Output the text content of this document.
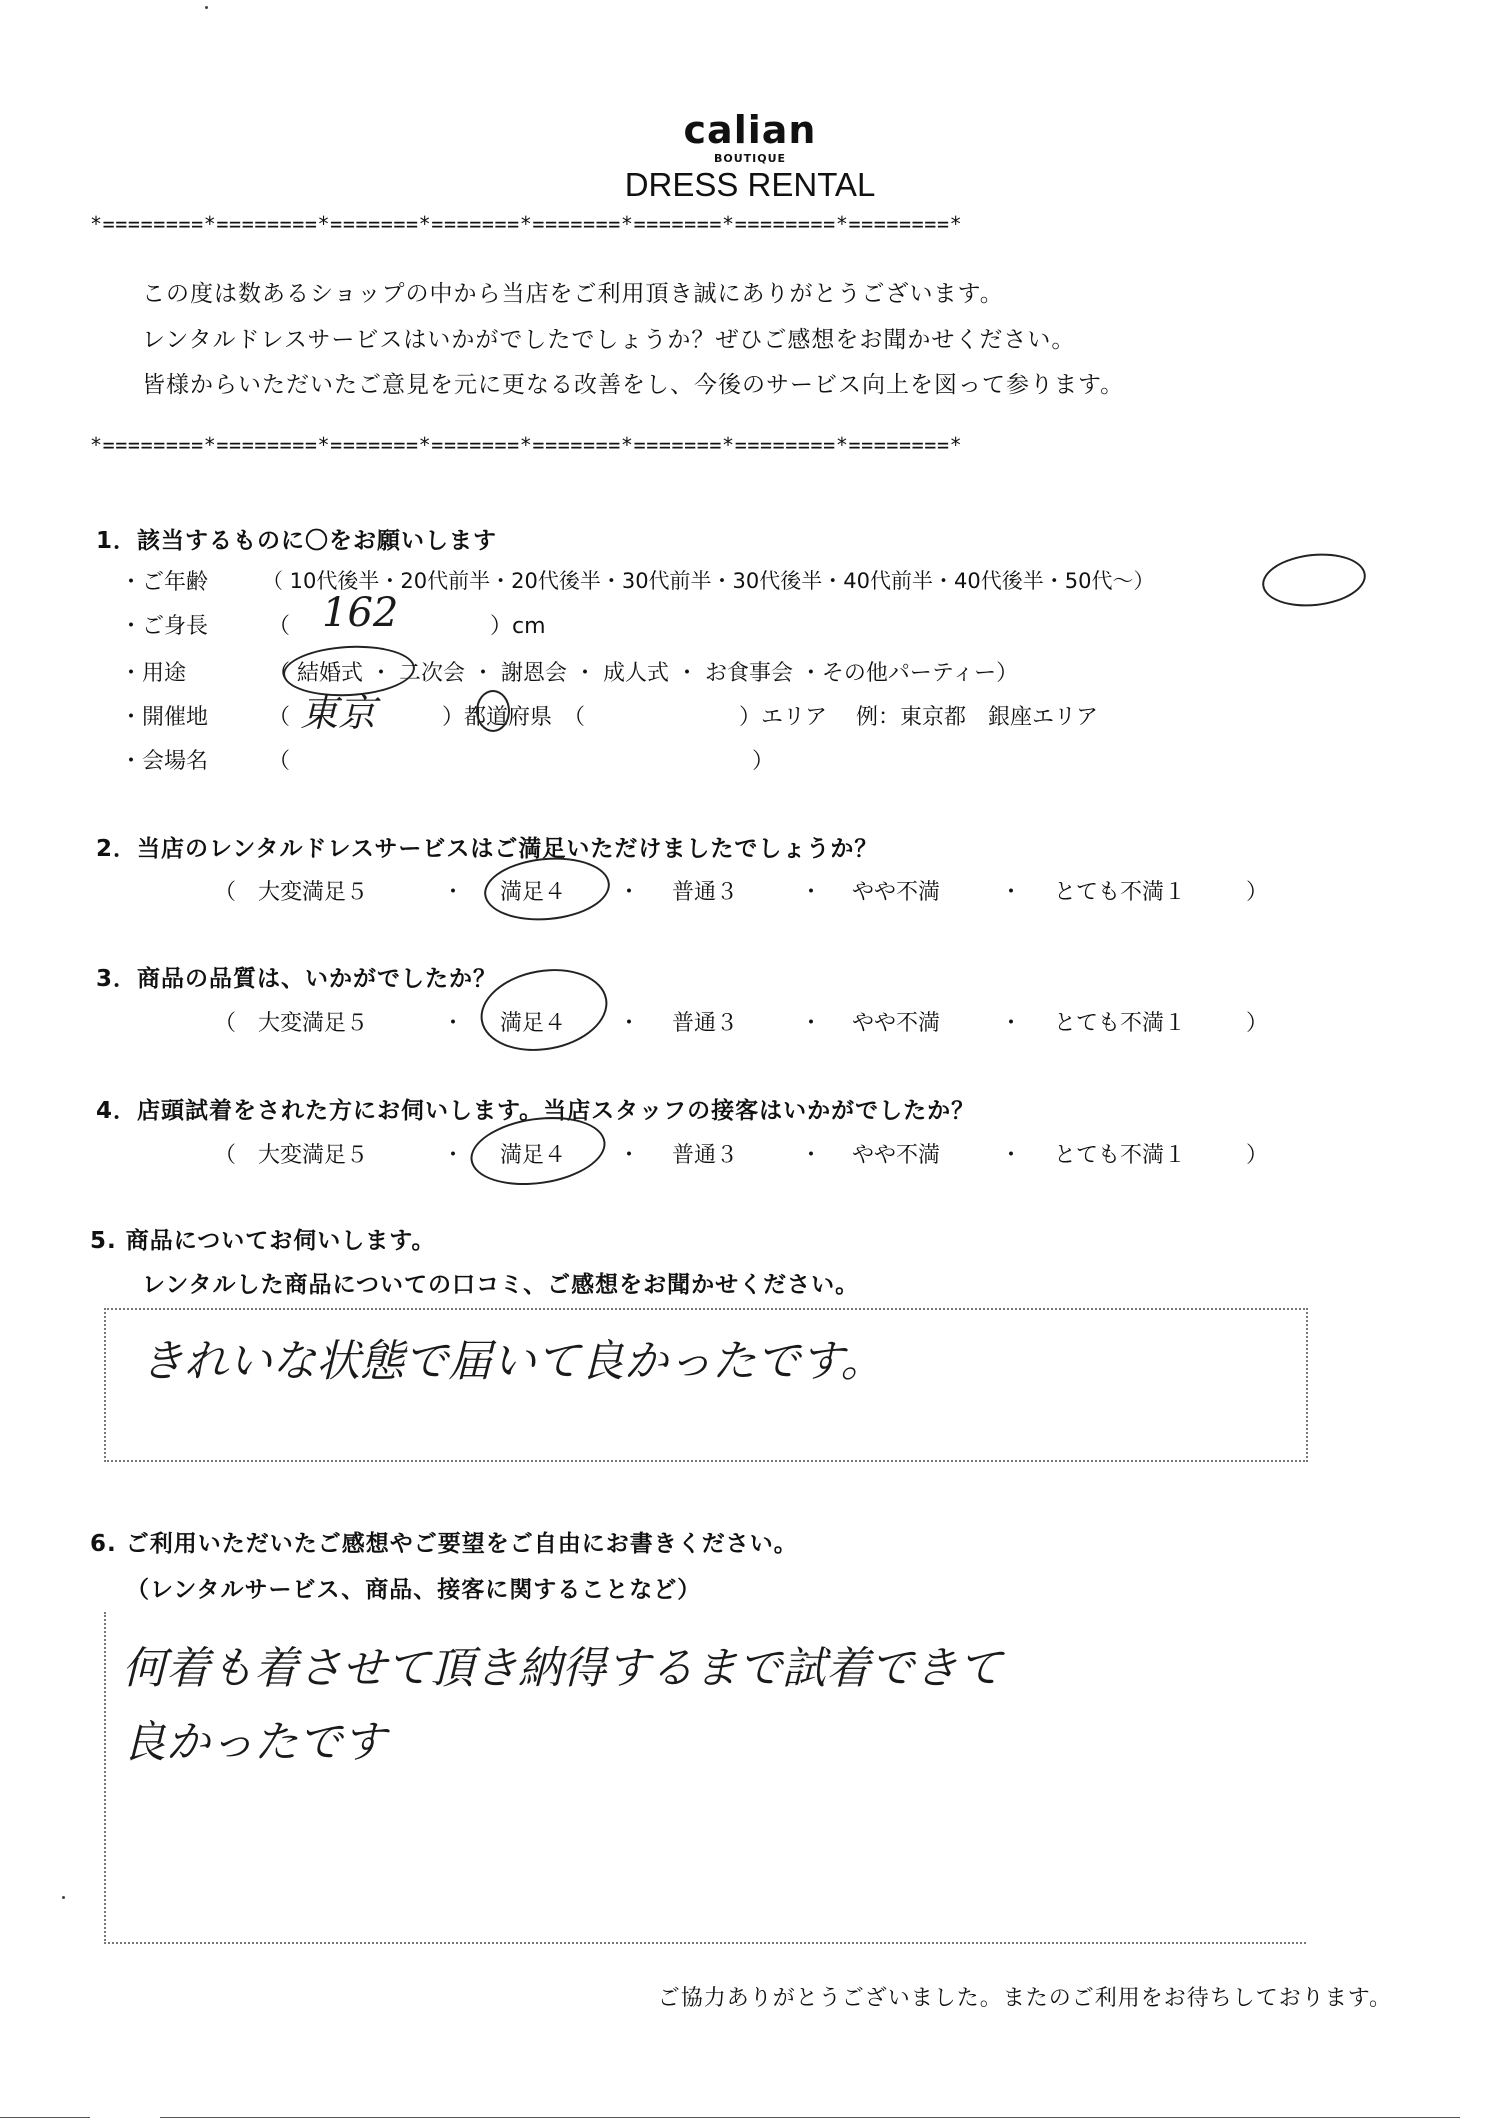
calian
BOUTIQUE
DRESS RENTAL
*========*========*=======*=======*=======*=======*========*========*
この度は数あるショップの中から当店をご利用頂き誠にありがとうございます。
レンタルドレスサービスはいかがでしたでしょうか？ぜひご感想をお聞かせください。
皆様からいただいたご意見を元に更なる改善をし、今後のサービス向上を図って参ります。
*========*========*=======*=======*=======*=======*========*========*
1．該当するものに〇をお願いします
・ご年齢	（ 10代後半・20代前半・20代後半・30代前半・30代後半・40代前半・40代後半・50代～）
・ご身長	（ 162	）cm
・用途	（ 結婚式 ・ 二次会 ・ 謝恩会 ・ 成人式 ・ お食事会 ・その他パーティー）
・開催地	（ 東京	）都道府県　（　　　　　　　）エリア　 例：東京都　銀座エリア
・会場名	（　　　　　　　　　　　　　　　　　　　　　）
2．当店のレンタルドレスサービスはご満足いただけましたでしょうか？
（ 大変満足５	・ 満足４ ・ 普通３	・ やや不満	・ とても不満１	）
3．商品の品質は、いかがでしたか？
（ 大変満足５	・ 満足４ ・ 普通３	・ やや不満	・ とても不満１	）
4．店頭試着をされた方にお伺いします。当店スタッフの接客はいかがでしたか？
（ 大変満足５	・ 満足４ ・ 普通３	・ やや不満	・ とても不満１	）
5. 商品についてお伺いします。
レンタルした商品についての口コミ、ご感想をお聞かせください。
きれいな状態で届いて良かったです。
6. ご利用いただいたご感想やご要望をご自由にお書きください。
（レンタルサービス、商品、接客に関することなど）
何着も着させて頂き納得するまで試着できて
良かったです
ご協力ありがとうございました。またのご利用をお待ちしております。
